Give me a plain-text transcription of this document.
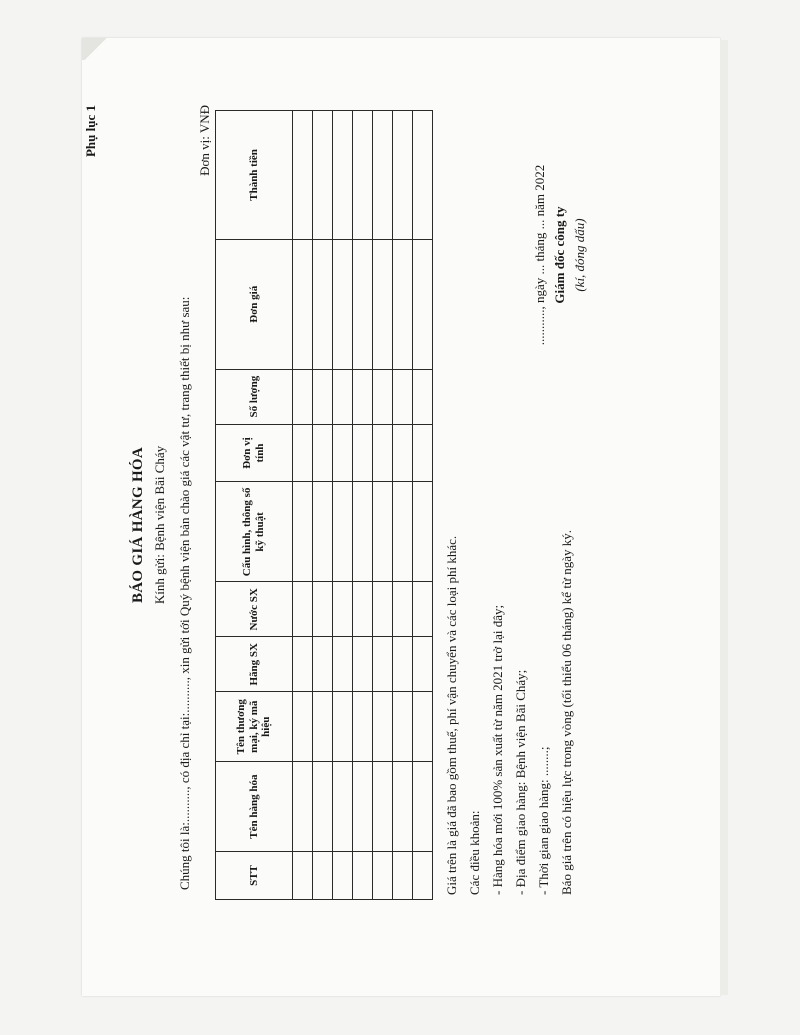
Phụ lục 1
BÁO GIÁ HÀNG HÓA Kính gửi: Bệnh viện Bãi Cháy Chúng tôi là:.........., có địa chỉ tại:.........., xin gửi tới Quý bệnh viện bản chào giá các vật tư, trang thiết bị như sau:
Đơn vị: VNĐ
STT	Tên hàng hóa	Tên thương mại, ký mã hiệu	Hãng SX	Nước SX	Cấu hình, thông số kỹ thuật	Đơn vị tính	Số lượng	Đơn giá	Thành tiền

Giá trên là giá đã bao gồm thuế, phí vận chuyển và các loại phí khác. Các điều khoản: - Hàng hóa mới 100% sản xuất từ năm 2021 trở lại đây; - Địa điểm giao hàng: Bệnh viện Bãi Cháy; - Thời gian giao hàng: ........; Báo giá trên có hiệu lực trong vòng (tối thiểu 06 tháng) kể từ ngày ký.
..........., ngày ... tháng ... năm 2022 Giám đốc công ty (kí, đóng dấu)
